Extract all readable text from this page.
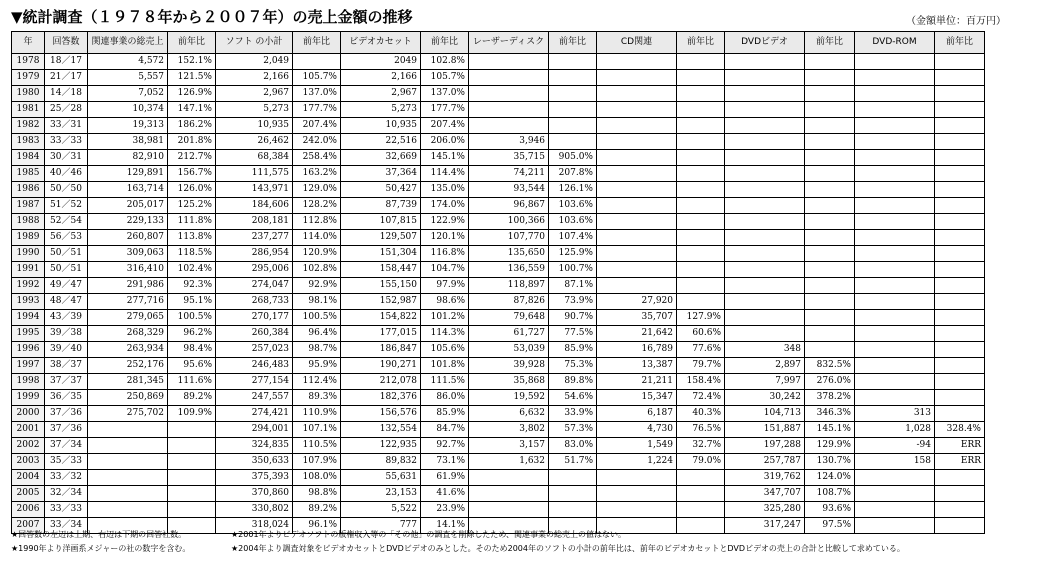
▼統計調査（１９７８年から２００７年）の売上金額の推移	（金額単位：百万円）
年	回答数	関連事業の総売上	前年比	ソフト の小計	前年比	ビデオカセット	前年比	レーザーディスク	前年比	CD関連	前年比	DVDビデオ	前年比	DVD-ROM	前年比
1978	18／17	4,572	152.1%	2,049		2049	102.8%								
1979	21／17	5,557	121.5%	2,166	105.7%	2,166	105.7%								
1980	14／18	7,052	126.9%	2,967	137.0%	2,967	137.0%								
1981	25／28	10,374	147.1%	5,273	177.7%	5,273	177.7%								
1982	33／31	19,313	186.2%	10,935	207.4%	10,935	207.4%								
1983	33／33	38,981	201.8%	26,462	242.0%	22,516	206.0%	3,946							
1984	30／31	82,910	212.7%	68,384	258.4%	32,669	145.1%	35,715	905.0%						
1985	40／46	129,891	156.7%	111,575	163.2%	37,364	114.4%	74,211	207.8%						
1986	50／50	163,714	126.0%	143,971	129.0%	50,427	135.0%	93,544	126.1%						
1987	51／52	205,017	125.2%	184,606	128.2%	87,739	174.0%	96,867	103.6%						
1988	52／54	229,133	111.8%	208,181	112.8%	107,815	122.9%	100,366	103.6%						
1989	56／53	260,807	113.8%	237,277	114.0%	129,507	120.1%	107,770	107.4%						
1990	50／51	309,063	118.5%	286,954	120.9%	151,304	116.8%	135,650	125.9%						
1991	50／51	316,410	102.4%	295,006	102.8%	158,447	104.7%	136,559	100.7%						
1992	49／47	291,986	92.3%	274,047	92.9%	155,150	97.9%	118,897	87.1%						
1993	48／47	277,716	95.1%	268,733	98.1%	152,987	98.6%	87,826	73.9%	27,920					
1994	43／39	279,065	100.5%	270,177	100.5%	154,822	101.2%	79,648	90.7%	35,707	127.9%				
1995	39／38	268,329	96.2%	260,384	96.4%	177,015	114.3%	61,727	77.5%	21,642	60.6%				
1996	39／40	263,934	98.4%	257,023	98.7%	186,847	105.6%	53,039	85.9%	16,789	77.6%	348			
1997	38／37	252,176	95.6%	246,483	95.9%	190,271	101.8%	39,928	75.3%	13,387	79.7%	2,897	832.5%		
1998	37／37	281,345	111.6%	277,154	112.4%	212,078	111.5%	35,868	89.8%	21,211	158.4%	7,997	276.0%		
1999	36／35	250,869	89.2%	247,557	89.3%	182,376	86.0%	19,592	54.6%	15,347	72.4%	30,242	378.2%		
2000	37／36	275,702	109.9%	274,421	110.9%	156,576	85.9%	6,632	33.9%	6,187	40.3%	104,713	346.3%	313	
2001	37／36			294,001	107.1%	132,554	84.7%	3,802	57.3%	4,730	76.5%	151,887	145.1%	1,028	328.4%
2002	37／34			324,835	110.5%	122,935	92.7%	3,157	83.0%	1,549	32.7%	197,288	129.9%	-94	ERR
2003	35／33			350,633	107.9%	89,832	73.1%	1,632	51.7%	1,224	79.0%	257,787	130.7%	158	ERR
2004	33／32			375,393	108.0%	55,631	61.9%					319,762	124.0%		
2005	32／34			370,860	98.8%	23,153	41.6%					347,707	108.7%		
2006	33／33			330,802	89.2%	5,522	23.9%					325,280	93.6%		
2007	33／34			318,024	96.1%	777	14.1%					317,247	97.5%		
★回答数の左辺は上期、右辺は下期の回答社数。	★2001年よりビデオソフトの版権収入等の「その他」の調査を削除したため、関連事業の総売上の値はない。
★1990年より洋画系メジャーの社の数字を含む。	★2004年より調査対象をビデオカセットとDVDビデオのみとした。そのため2004年のソフトの小計の前年比は、前年のビデオカセットとDVDビデオの売上の合計と比較して求めている。
